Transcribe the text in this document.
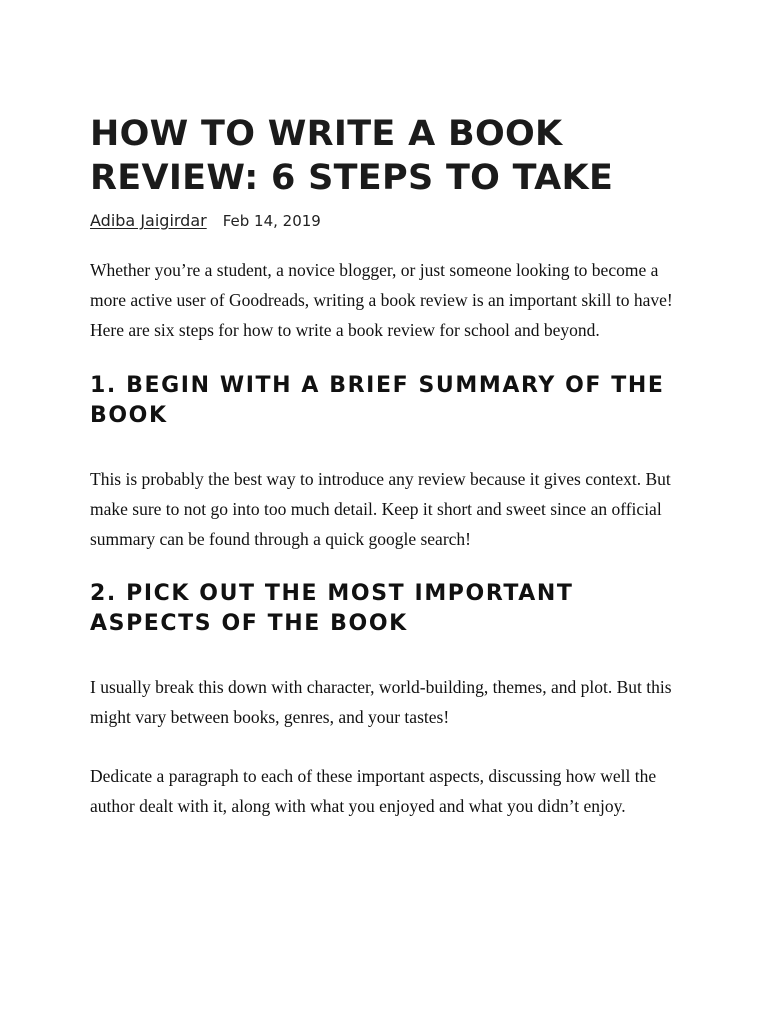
HOW TO WRITE A BOOK REVIEW: 6 STEPS TO TAKE
Adiba Jaigirdar Feb 14, 2019

Whether you’re a student, a novice blogger, or just someone looking to become a more active user of Goodreads, writing a book review is an important skill to have! Here are six steps for how to write a book review for school and beyond.

1. BEGIN WITH A BRIEF SUMMARY OF THE BOOK

This is probably the best way to introduce any review because it gives context. But make sure to not go into too much detail. Keep it short and sweet since an official summary can be found through a quick google search!

2. PICK OUT THE MOST IMPORTANT ASPECTS OF THE BOOK

I usually break this down with character, world-building, themes, and plot. But this might vary between books, genres, and your tastes!

Dedicate a paragraph to each of these important aspects, discussing how well the author dealt with it, along with what you enjoyed and what you didn’t enjoy.
